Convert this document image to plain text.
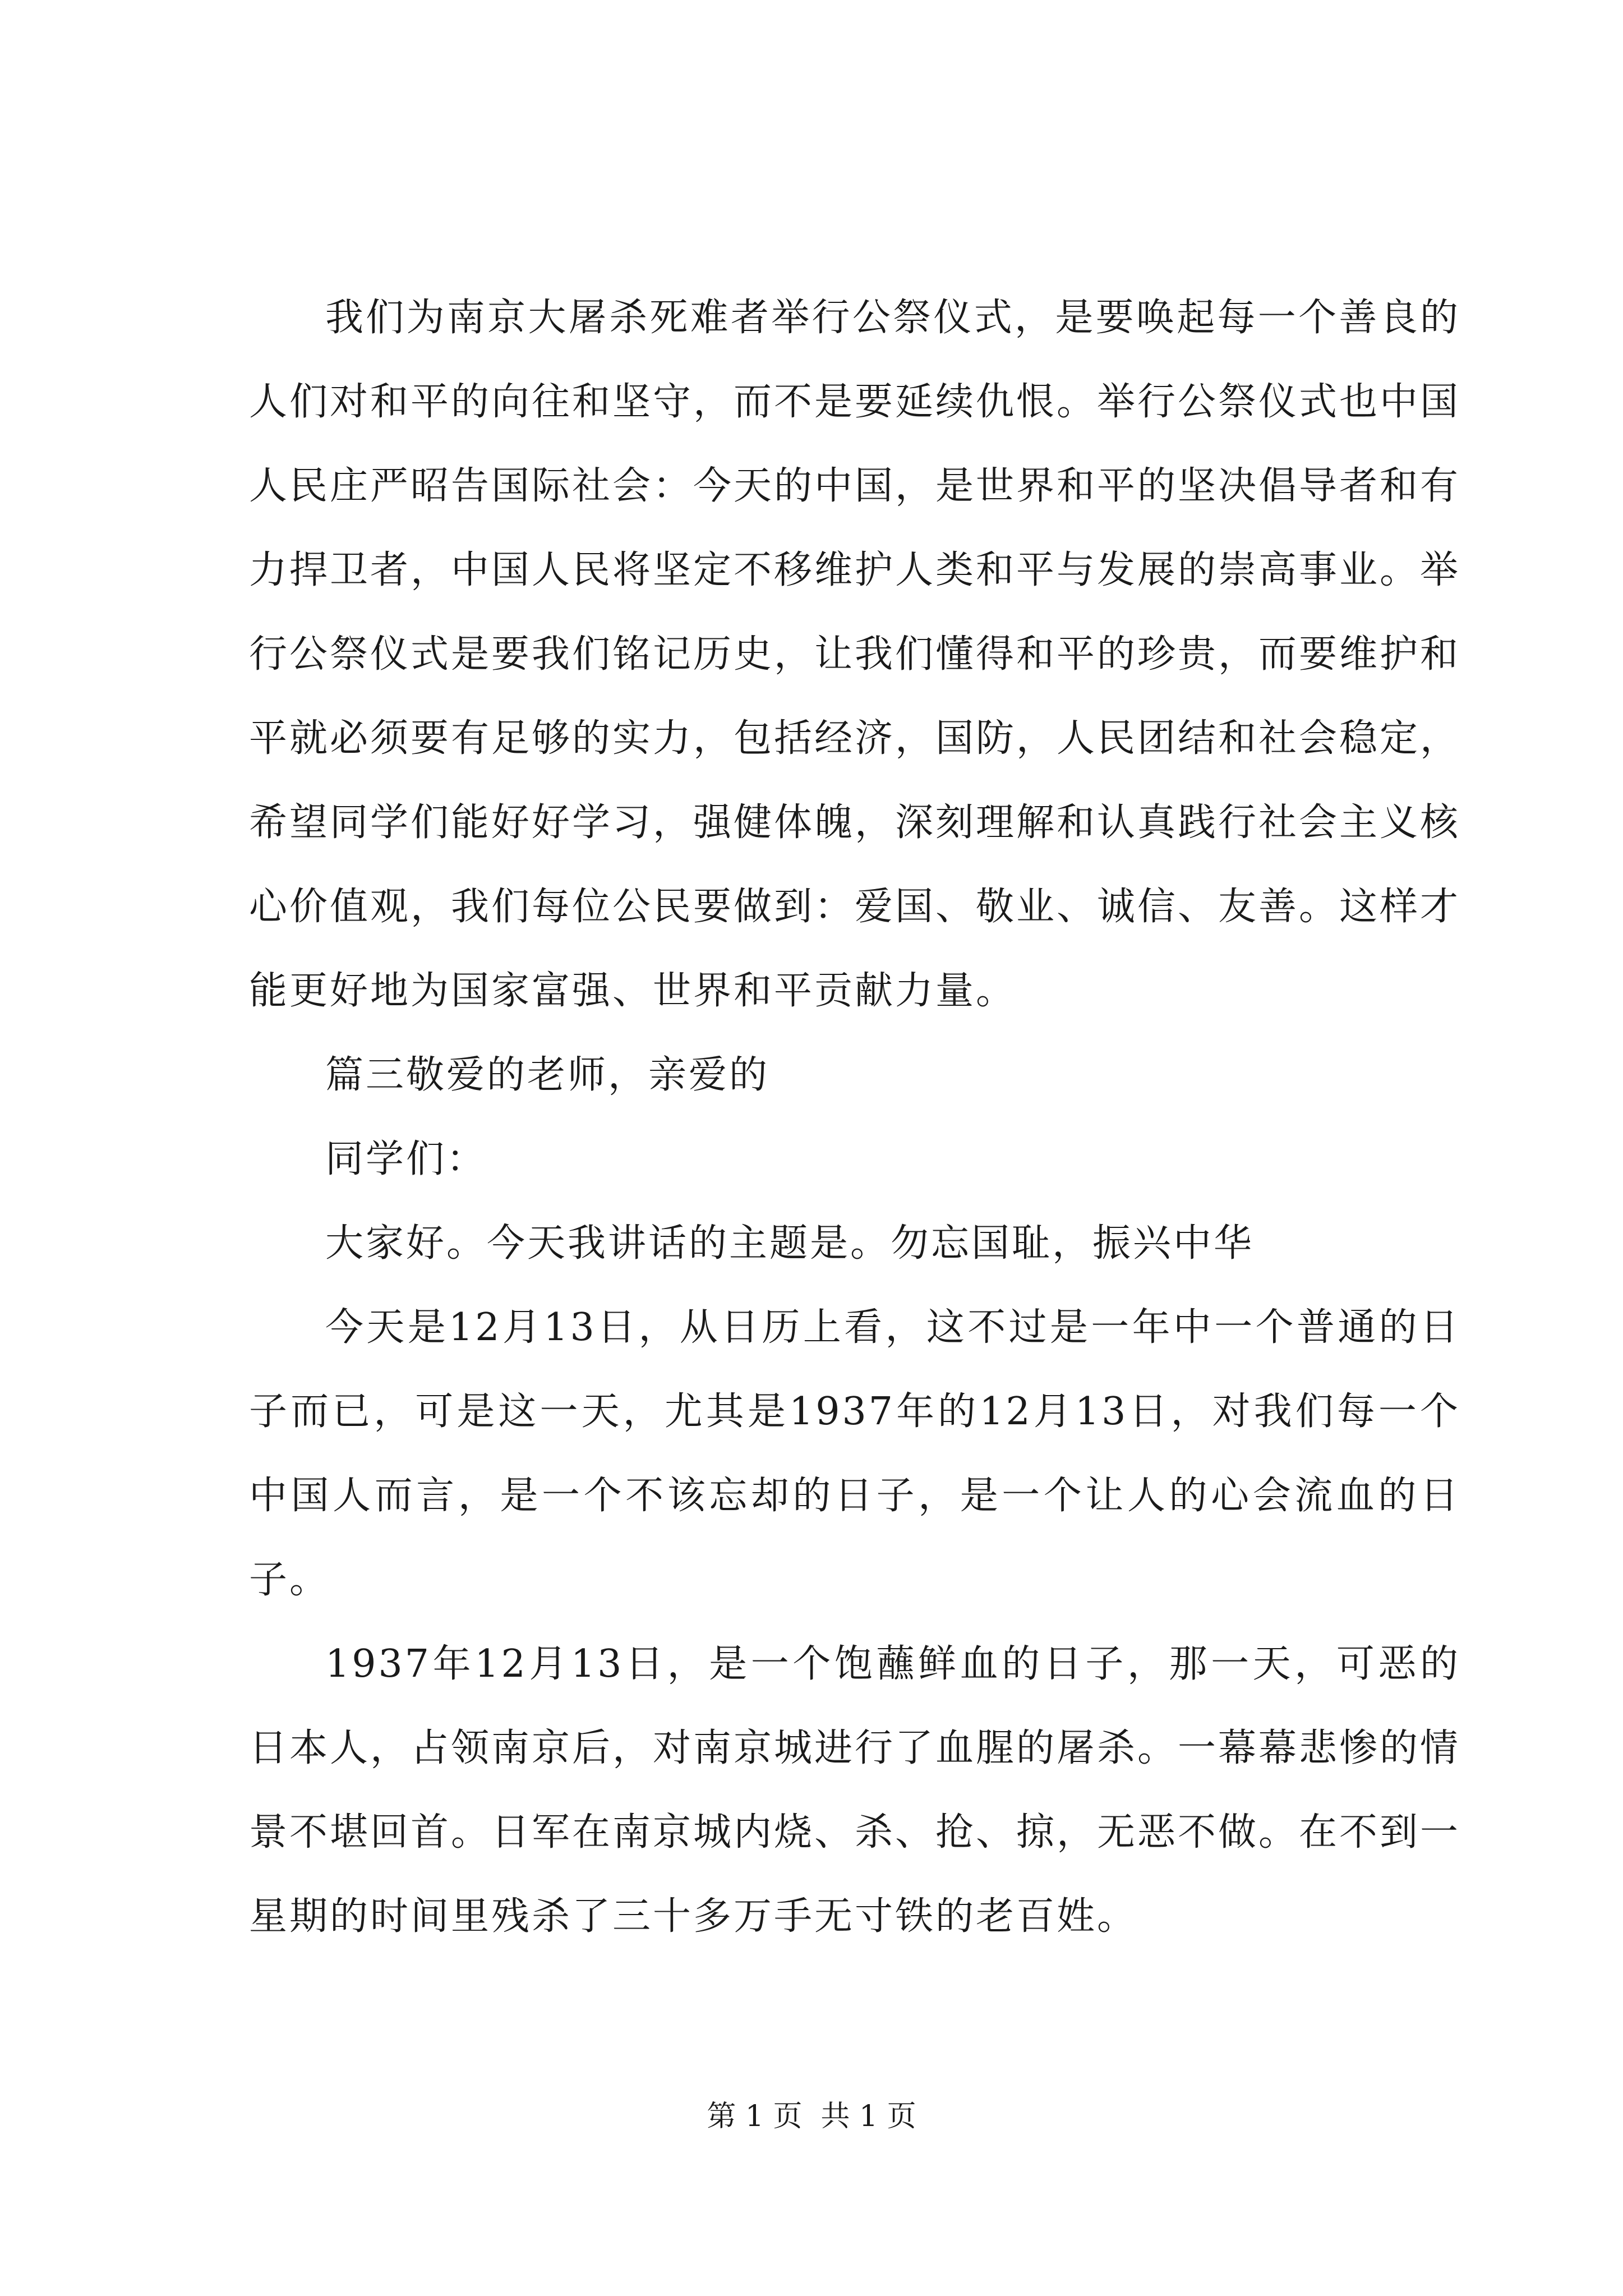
我们为南京大屠杀死难者举行公祭仪式，是要唤起每一个善良的人们对和平的向往和坚守，而不是要延续仇恨。举行公祭仪式也中国人民庄严昭告国际社会：今天的中国，是世界和平的坚决倡导者和有力捍卫者，中国人民将坚定不移维护人类和平与发展的崇高事业。举行公祭仪式是要我们铭记历史，让我们懂得和平的珍贵，而要维护和平就必须要有足够的实力，包括经济，国防，人民团结和社会稳定，希望同学们能好好学习，强健体魄，深刻理解和认真践行社会主义核心价值观，我们每位公民要做到：爱国、敬业、诚信、友善。这样才能更好地为国家富强、世界和平贡献力量。

篇三敬爱的老师，亲爱的

同学们：

大家好。今天我讲话的主题是。勿忘国耻，振兴中华

今天是12月13日，从日历上看，这不过是一年中一个普通的日子而已，可是这一天，尤其是1937年的12月13日，对我们每一个中国人而言，是一个不该忘却的日子，是一个让人的心会流血的日子。

1937年12月13日，是一个饱蘸鲜血的日子，那一天，可恶的日本人，占领南京后，对南京城进行了血腥的屠杀。一幕幕悲惨的情景不堪回首。日军在南京城内烧、杀、抢、掠，无恶不做。在不到一星期的时间里残杀了三十多万手无寸铁的老百姓。

第 1 页  共 1 页
